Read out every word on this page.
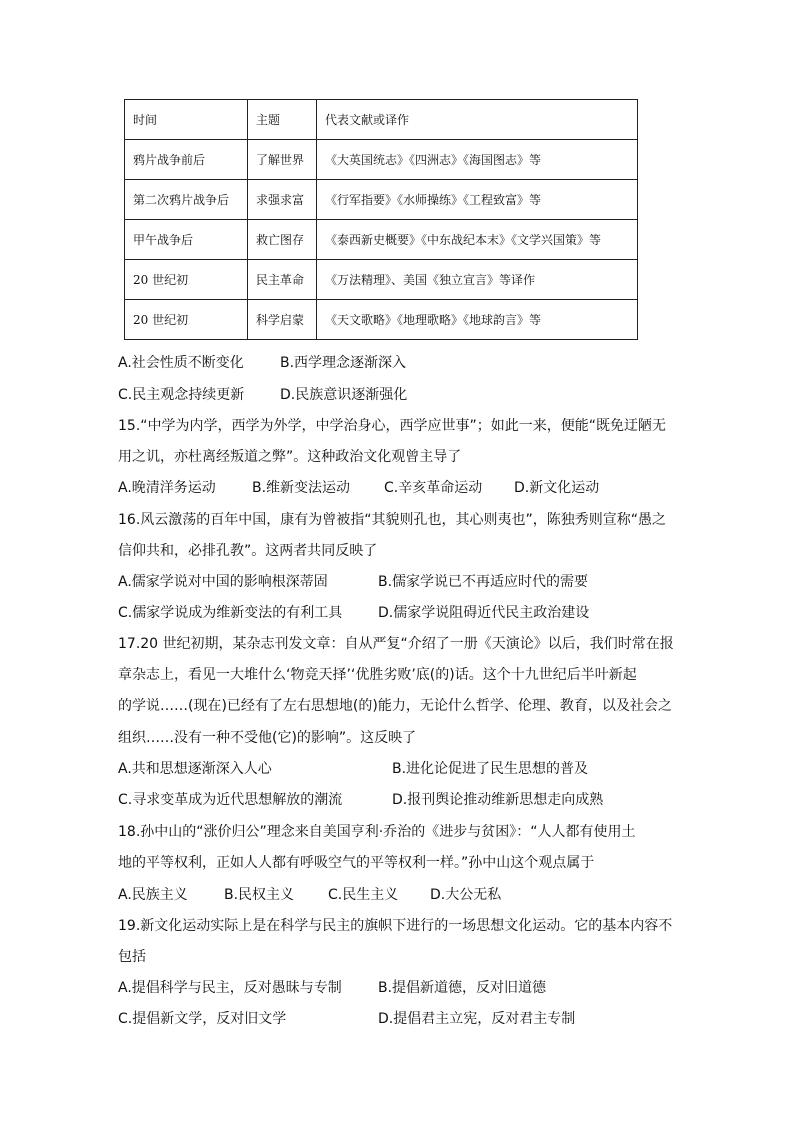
时间	主题	代表文献或译作
鸦片战争前后	了解世界	《大英国统志》《四洲志》《海国图志》等
第二次鸦片战争后	求强求富	《行军指要》《水师操练》《工程致富》等
甲午战争后	救亡图存	《泰西新史概要》《中东战纪本末》《文学兴国策》等
20 世纪初	民主革命	《万法精理》、美国《独立宣言》等译作
20 世纪初	科学启蒙	《天文歌略》《地理歌略》《地球韵言》等
A.社会性质不断变化	B.西学理念逐渐深入
C.民主观念持续更新	D.民族意识逐渐强化
15.“中学为内学，西学为外学，中学治身心，西学应世事”；如此一来，便能“既免迂陋无
用之讥，亦杜离经叛道之弊”。这种政治文化观曾主导了
A.晚清洋务运动	B.维新变法运动 C.辛亥革命运动 D.新文化运动
16.风云激荡的百年中国，康有为曾被指“其貌则孔也，其心则夷也”，陈独秀则宣称“愚之
信仰共和，必排孔教”。这两者共同反映了
A.儒家学说对中国的影响根深蒂固	B.儒家学说已不再适应时代的需要
C.儒家学说成为维新变法的有利工具	D.儒家学说阻碍近代民主政治建设
17.20 世纪初期，某杂志刊发文章：自从严复“介绍了一册《天演论》以后，我们时常在报
章杂志上，看见一大堆什么‘物竞天择’‘优胜劣败’底(的)话。这个十九世纪后半叶新起
的学说……(现在)已经有了左右思想地(的)能力，无论什么哲学、伦理、教育，以及社会之
组织……没有一种不受他(它)的影响”。这反映了
A.共和思想逐渐深入人心	B.进化论促进了民生思想的普及
C.寻求变革成为近代思想解放的潮流	D.报刊舆论推动维新思想走向成熟
18.孙中山的“涨价归公”理念来自美国亨利·乔治的《进步与贫困》：“人人都有使用土
地的平等权利，正如人人都有呼吸空气的平等权利一样。”孙中山这个观点属于
A.民族主义	B.民权主义 C.民生主义 D.大公无私
19.新文化运动实际上是在科学与民主的旗帜下进行的一场思想文化运动。它的基本内容不
包括
A.提倡科学与民主，反对愚昧与专制	B.提倡新道德，反对旧道德
C.提倡新文学，反对旧文学	D.提倡君主立宪，反对君主专制
